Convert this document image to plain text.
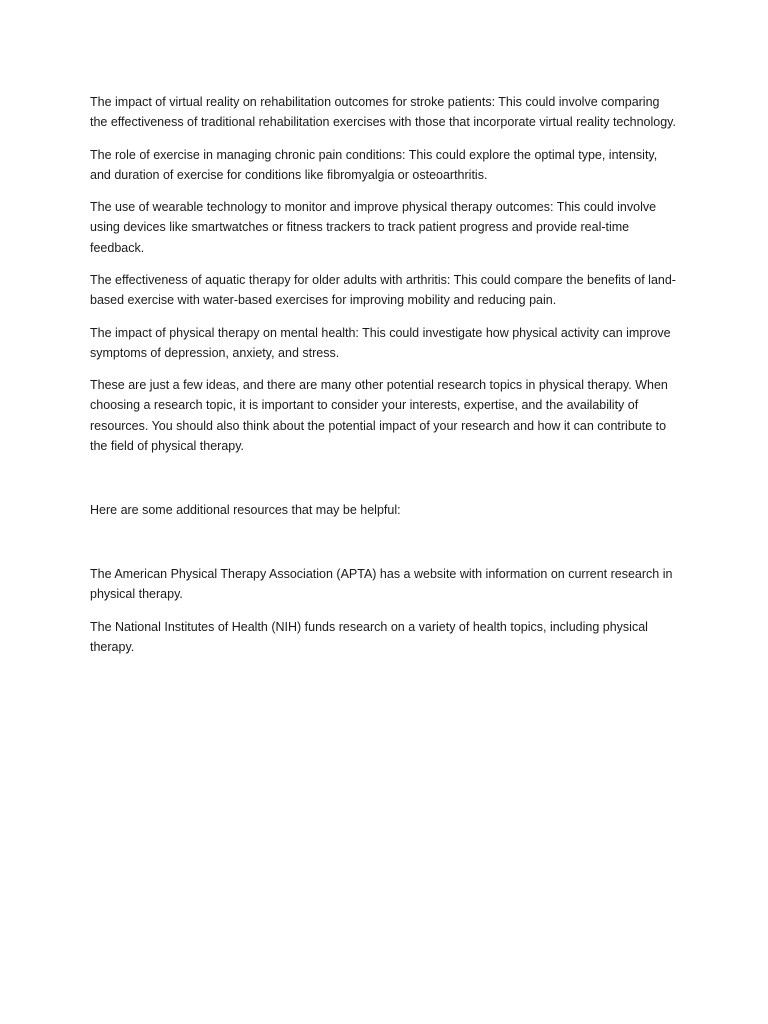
The impact of virtual reality on rehabilitation outcomes for stroke patients: This could involve comparing the effectiveness of traditional rehabilitation exercises with those that incorporate virtual reality technology.

The role of exercise in managing chronic pain conditions: This could explore the optimal type, intensity, and duration of exercise for conditions like fibromyalgia or osteoarthritis.

The use of wearable technology to monitor and improve physical therapy outcomes: This could involve using devices like smartwatches or fitness trackers to track patient progress and provide real-time feedback.

The effectiveness of aquatic therapy for older adults with arthritis: This could compare the benefits of land-based exercise with water-based exercises for improving mobility and reducing pain.

The impact of physical therapy on mental health: This could investigate how physical activity can improve symptoms of depression, anxiety, and stress.

These are just a few ideas, and there are many other potential research topics in physical therapy. When choosing a research topic, it is important to consider your interests, expertise, and the availability of resources. You should also think about the potential impact of your research and how it can contribute to the field of physical therapy.

Here are some additional resources that may be helpful:

The American Physical Therapy Association (APTA) has a website with information on current research in physical therapy.

The National Institutes of Health (NIH) funds research on a variety of health topics, including physical therapy.
